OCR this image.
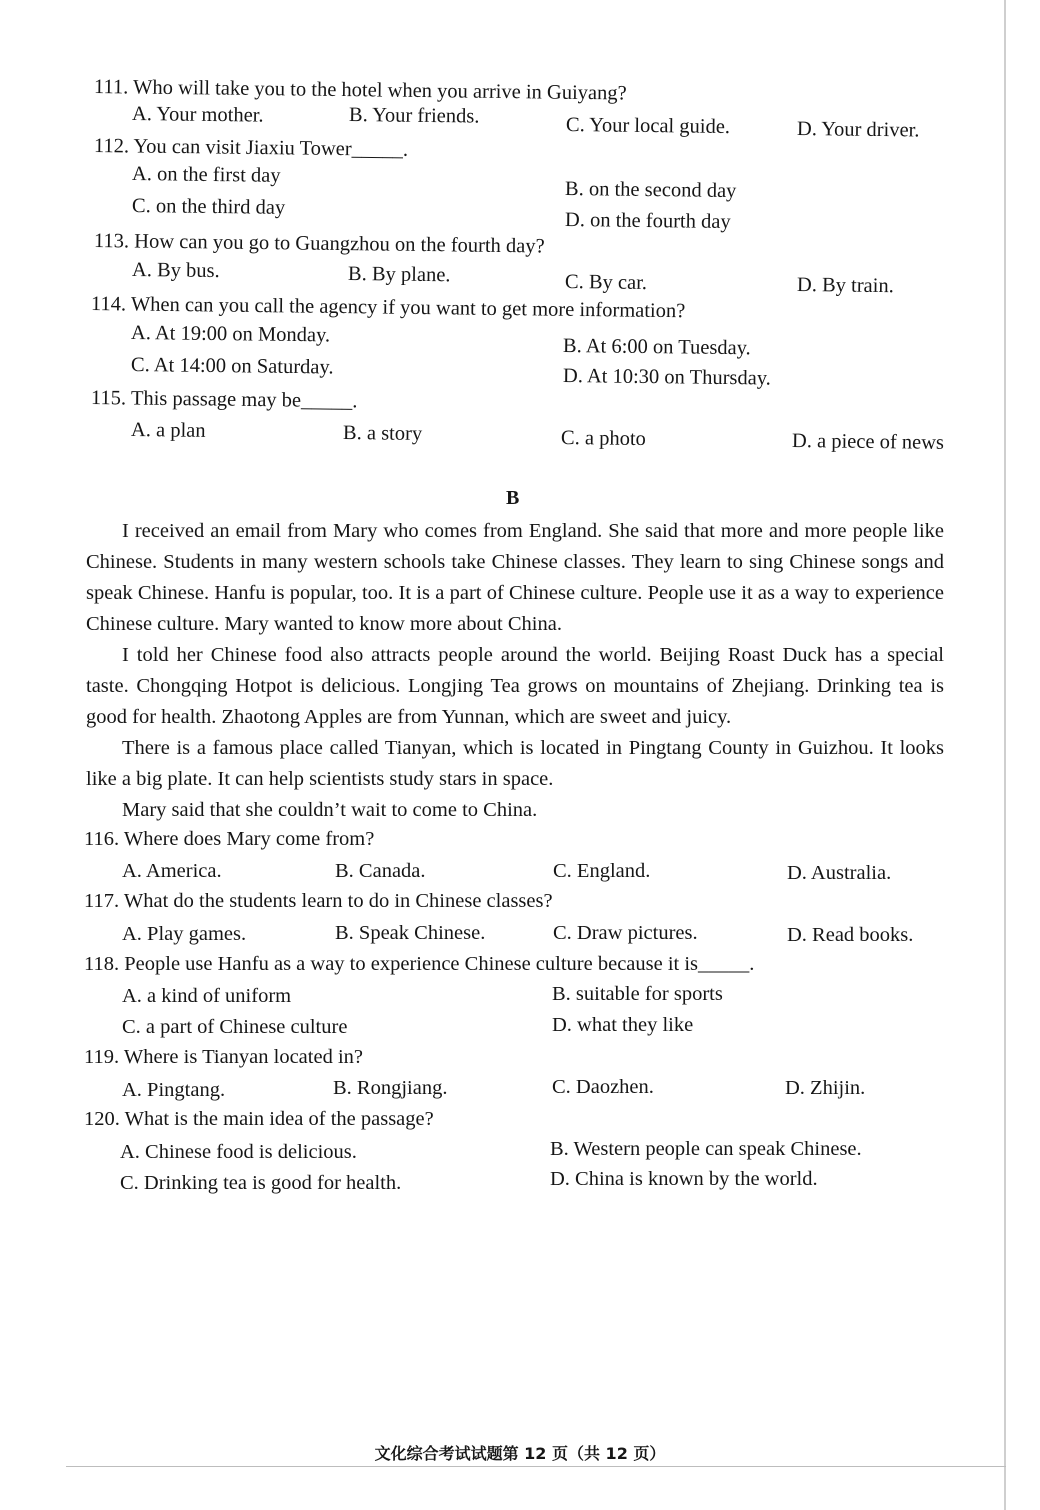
111. Who will take you to the hotel when you arrive in Guiyang?
A. Your mother.	B. Your friends.	C. Your local guide.	D. Your driver.
112. You can visit Jiaxiu Tower_____.
A. on the first day
B. on the second day
C. on the third day
D. on the fourth day
113. How can you go to Guangzhou on the fourth day?
A. By bus.	B. By plane.	C. By car.	D. By train.
114. When can you call the agency if you want to get more information?
A. At 19:00 on Monday.
B. At 6:00 on Tuesday.
C. At 14:00 on Saturday.	D. At 10:30 on Thursday.
115. This passage may be_____.
A. a plan	B. a story	C. a photo	D. a piece of news
B
I received an email from Mary who comes from England. She said that more and more people like Chinese. Students in many western schools take Chinese classes. They learn to sing Chinese songs and speak Chinese. Hanfu is popular, too. It is a part of Chinese culture. People use it as a way to experience Chinese culture. Mary wanted to know more about China.
I told her Chinese food also attracts people around the world. Beijing Roast Duck has a special taste. Chongqing Hotpot is delicious. Longjing Tea grows on mountains of Zhejiang. Drinking tea is good for health. Zhaotong Apples are from Yunnan, which are sweet and juicy.
There is a famous place called Tianyan, which is located in Pingtang County in Guizhou. It looks like a big plate. It can help scientists study stars in space.
Mary said that she couldn’t wait to come to China.
116. Where does Mary come from?
A. America.	B. Canada.	C. England.	D. Australia.
117. What do the students learn to do in Chinese classes?
A. Play games.	B. Speak Chinese.	C. Draw pictures.	D. Read books.
118. People use Hanfu as a way to experience Chinese culture because it is_____.
A. a kind of uniform	B. suitable for sports
C. a part of Chinese culture	D. what they like
119. Where is Tianyan located in?
A. Pingtang.	B. Rongjiang.	C. Daozhen.	D. Zhijin.
120. What is the main idea of the passage?
A. Chinese food is delicious.	B. Western people can speak Chinese.
C. Drinking tea is good for health.	D. China is known by the world.
文化综合考试试题第 12 页（共 12 页）
